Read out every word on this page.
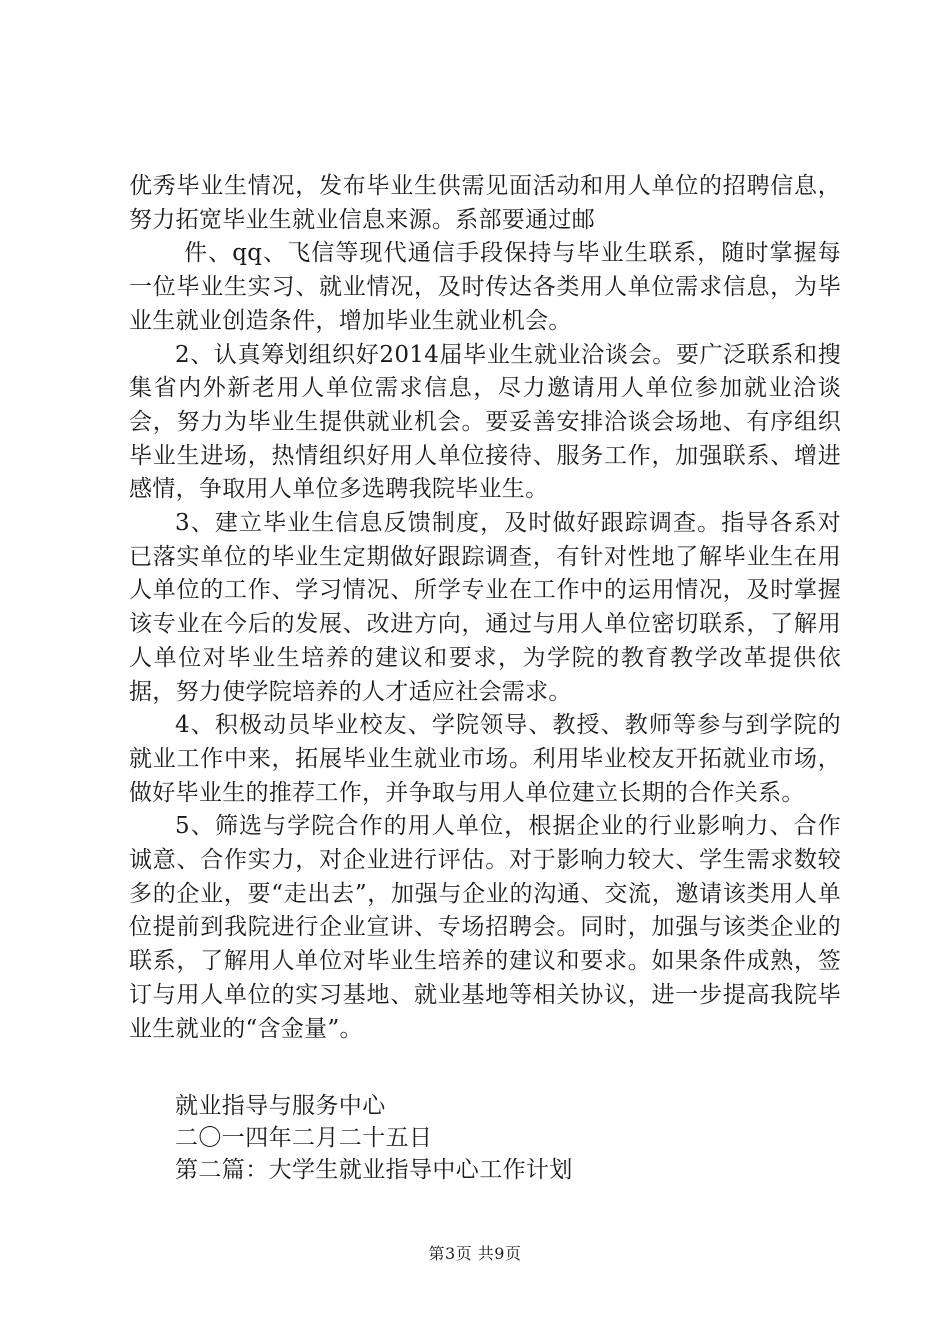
优秀毕业生情况，发布毕业生供需见面活动和用人单位的招聘信息，努力拓宽毕业生就业信息来源。系部要通过邮

件、qq、飞信等现代通信手段保持与毕业生联系，随时掌握每一位毕业生实习、就业情况，及时传达各类用人单位需求信息，为毕业生就业创造条件，增加毕业生就业机会。

2、认真筹划组织好2014届毕业生就业洽谈会。要广泛联系和搜集省内外新老用人单位需求信息，尽力邀请用人单位参加就业洽谈会，努力为毕业生提供就业机会。要妥善安排洽谈会场地、有序组织毕业生进场，热情组织好用人单位接待、服务工作，加强联系、增进感情，争取用人单位多选聘我院毕业生。

3、建立毕业生信息反馈制度，及时做好跟踪调查。指导各系对已落实单位的毕业生定期做好跟踪调查，有针对性地了解毕业生在用人单位的工作、学习情况、所学专业在工作中的运用情况，及时掌握该专业在今后的发展、改进方向，通过与用人单位密切联系，了解用人单位对毕业生培养的建议和要求，为学院的教育教学改革提供依据，努力使学院培养的人才适应社会需求。

4、积极动员毕业校友、学院领导、教授、教师等参与到学院的就业工作中来，拓展毕业生就业市场。利用毕业校友开拓就业市场，做好毕业生的推荐工作，并争取与用人单位建立长期的合作关系。

5、筛选与学院合作的用人单位，根据企业的行业影响力、合作诚意、合作实力，对企业进行评估。对于影响力较大、学生需求数较多的企业，要“走出去”，加强与企业的沟通、交流，邀请该类用人单位提前到我院进行企业宣讲、专场招聘会。同时，加强与该类企业的联系，了解用人单位对毕业生培养的建议和要求。如果条件成熟，签订与用人单位的实习基地、就业基地等相关协议，进一步提高我院毕业生就业的“含金量”。

就业指导与服务中心
二〇一四年二月二十五日
第二篇：大学生就业指导中心工作计划
第3页 共9页
